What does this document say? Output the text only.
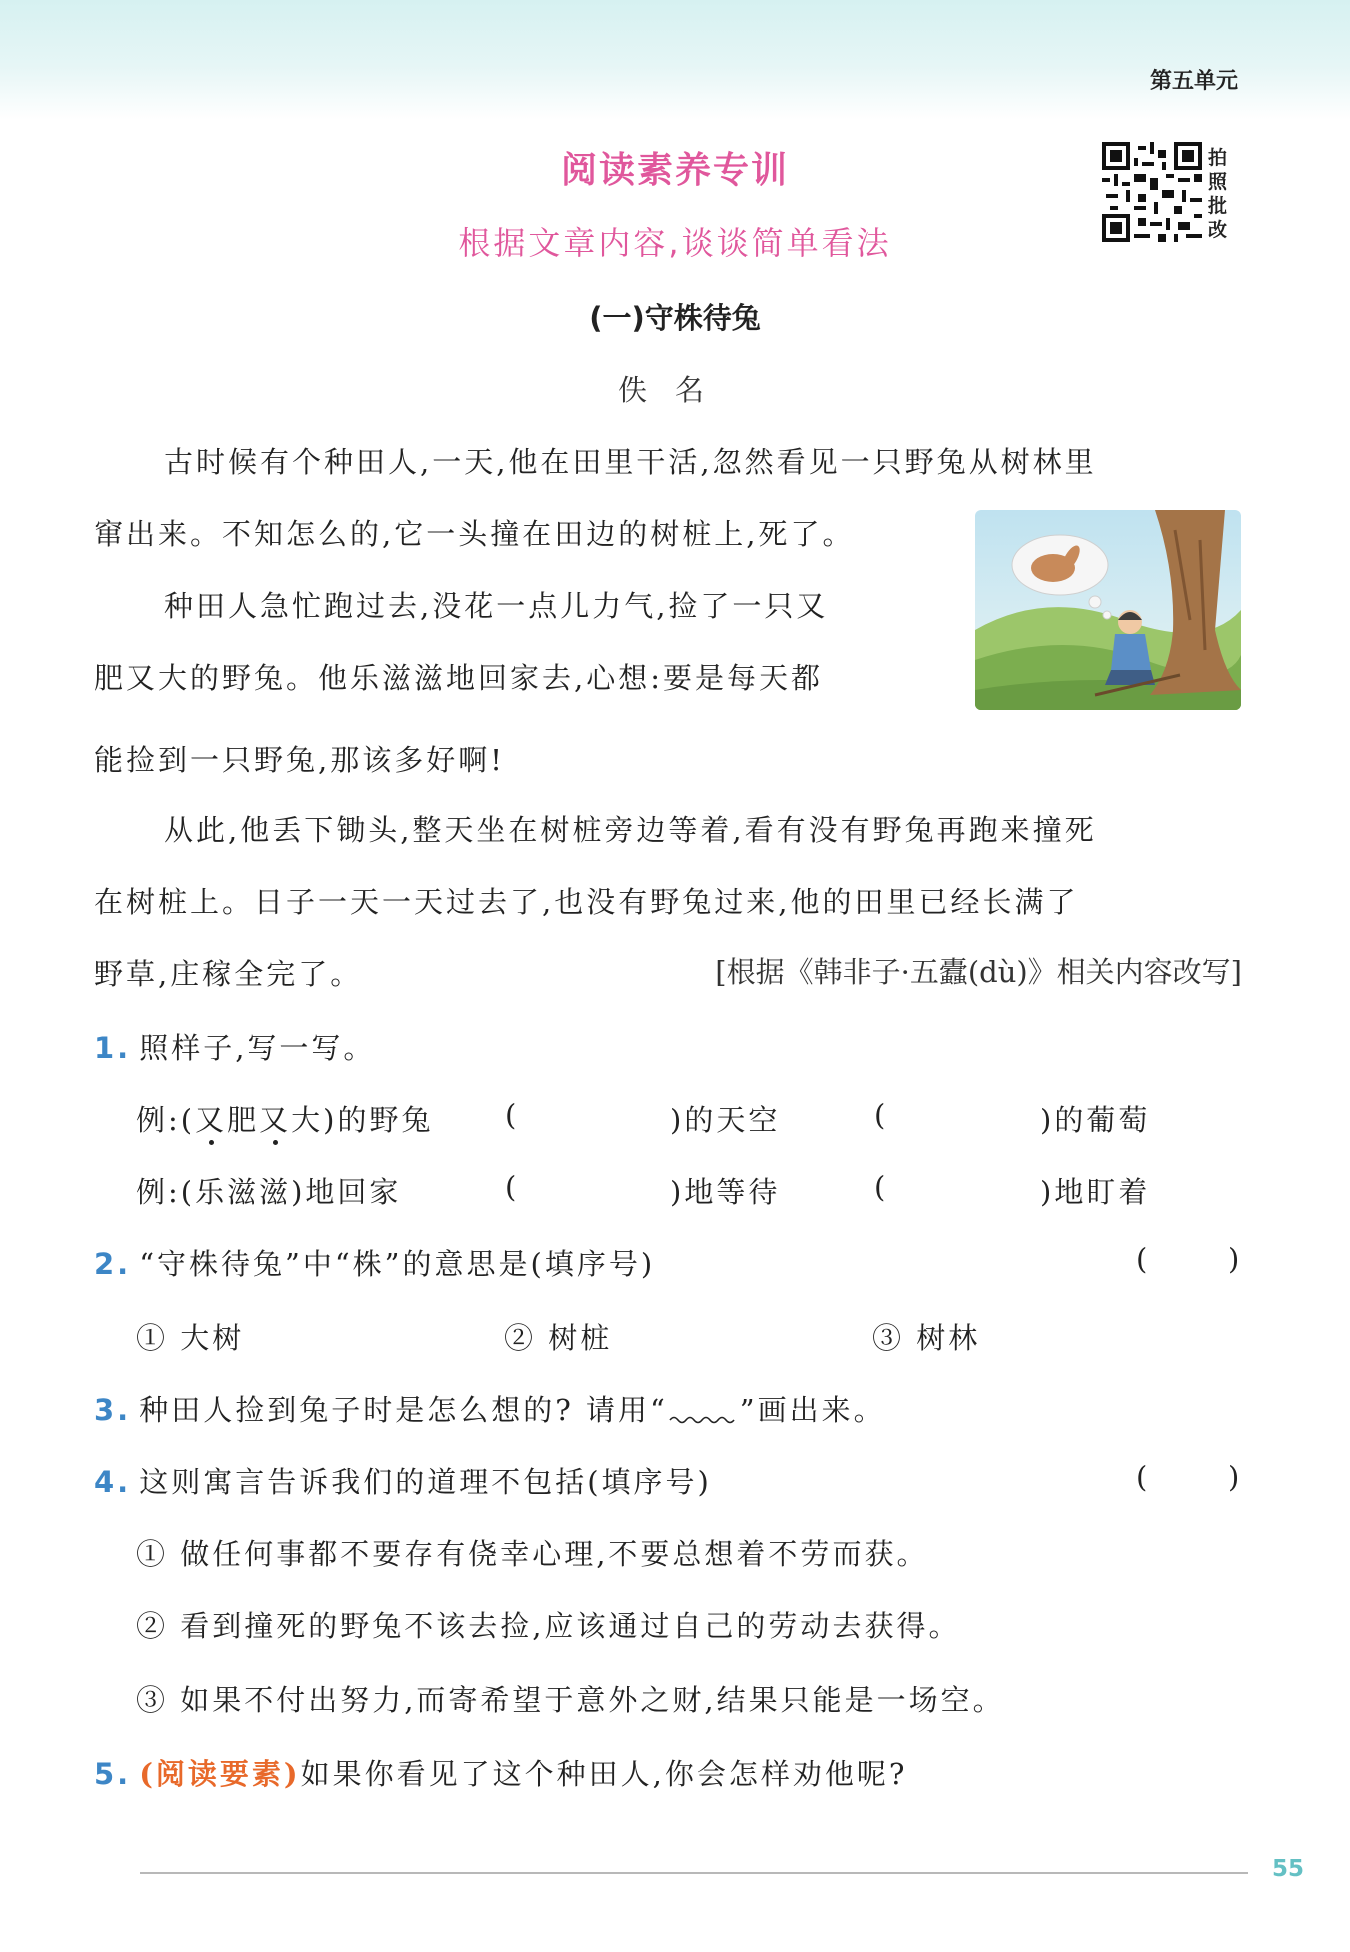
第五单元
阅读素养专训
根据文章内容,谈谈简单看法
拍照批改
(一)守株待兔
佚名
古时候有个种田人,一天,他在田里干活,忽然看见一只野兔从树林里
窜出来。不知怎么的,它一头撞在田边的树桩上,死了。
种田人急忙跑过去,没花一点儿力气,捡了一只又
肥又大的野兔。他乐滋滋地回家去,心想:要是每天都
能捡到一只野兔,那该多好啊!
从此,他丢下锄头,整天坐在树桩旁边等着,看有没有野兔再跑来撞死
在树桩上。日子一天一天过去了,也没有野兔过来,他的田里已经长满了
野草,庄稼全完了。	[根据《韩非子·五蠹(dù)》相关内容改写]
1. 照样子,写一写。
例:(又肥又大)的野兔 (	)的天空	(	)的葡萄
例:(乐滋滋)地回家	(	)地等待	(	)地盯着
2. “守株待兔”中“株”的意思是(填序号)	(	)
① 大树	② 树桩	③ 树林
3. 种田人捡到兔子时是怎么想的? 请用“ ”画出来。
4. 这则寓言告诉我们的道理不包括(填序号)	(	)
① 做任何事都不要存有侥幸心理,不要总想着不劳而获。
② 看到撞死的野兔不该去捡,应该通过自己的劳动去获得。
③ 如果不付出努力,而寄希望于意外之财,结果只能是一场空。
5. (阅读要素)如果你看见了这个种田人,你会怎样劝他呢?
55
